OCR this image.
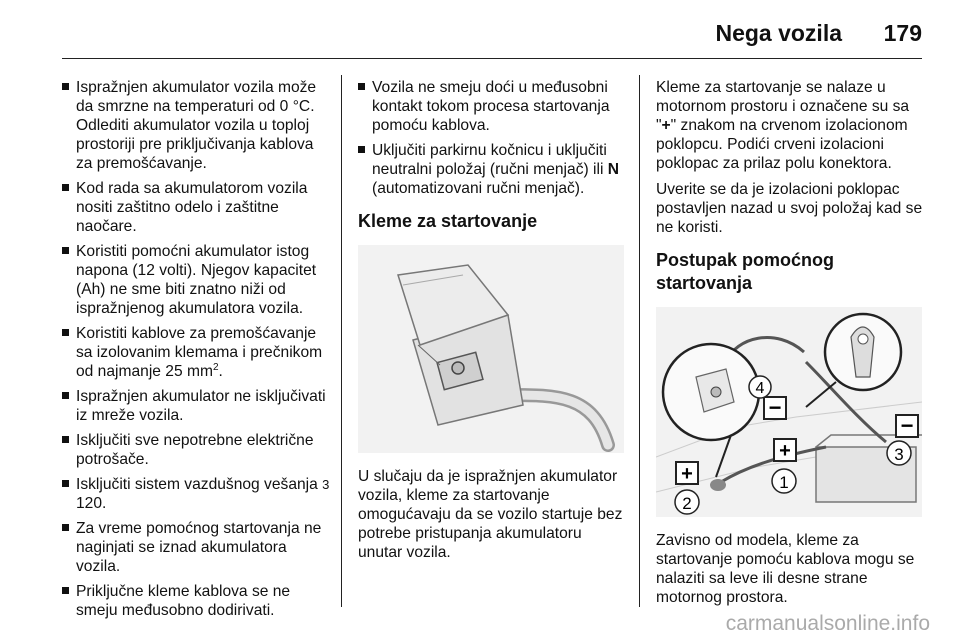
Nega vozila 179
Ispražnjen akumulator vozila može da smrzne na temperaturi od 0 °C. Odlediti akumulator vozila u toploj prostoriji pre priključivanja kablova za premošćavanje.
Kod rada sa akumulatorom vozila nositi zaštitno odelo i zaštitne naočare.
Koristiti pomoćni akumulator istog napona (12 volti). Njegov kapacitet (Ah) ne sme biti znatno niži od ispražnjenog akumulatora vozila.
Koristiti kablove za premošćavanje sa izolovanim klemama i prečnikom od najmanje 25 $mm^2$.
Ispražnjen akumulator ne isključivati iz mreže vozila.
Isključiti sve nepotrebne električne potrošače.
Isključiti sistem vazdušnog vešanja 3 120.
Za vreme pomoćnog startovanja ne naginjati se iznad akumulatora vozila.
Priključne kleme kablova se ne smeju međusobno dodirivati.
Vozila ne smeju doći u međusobni kontakt tokom procesa startovanja pomoću kablova.
Uključiti parkirnu kočnicu i uključiti neutralni položaj (ručni menjač) ili N (automatizovani ručni menjač).
Kleme za startovanje

U slučaju da je ispražnjen akumulator vozila, kleme za startovanje omogućavaju da se vozilo startuje bez potrebe pristupanja akumulatoru unutar vozila.

Kleme za startovanje se nalaze u motornom prostoru i označene su sa "+" znakom na crvenom izolacionom poklopcu. Podići crveni izolacioni poklopac za prilaz polu konektora.

Uverite se da je izolacioni poklopac postavljen nazad u svoj položaj kad se ne koristi.

Postupak pomoćnog startovanja
−
+
−
+	1
2
3
4

Zavisno od modela, kleme za startovanje pomoću kablova mogu se nalaziti sa leve ili desne strane motornog prostora.

carmanualsonline.info
